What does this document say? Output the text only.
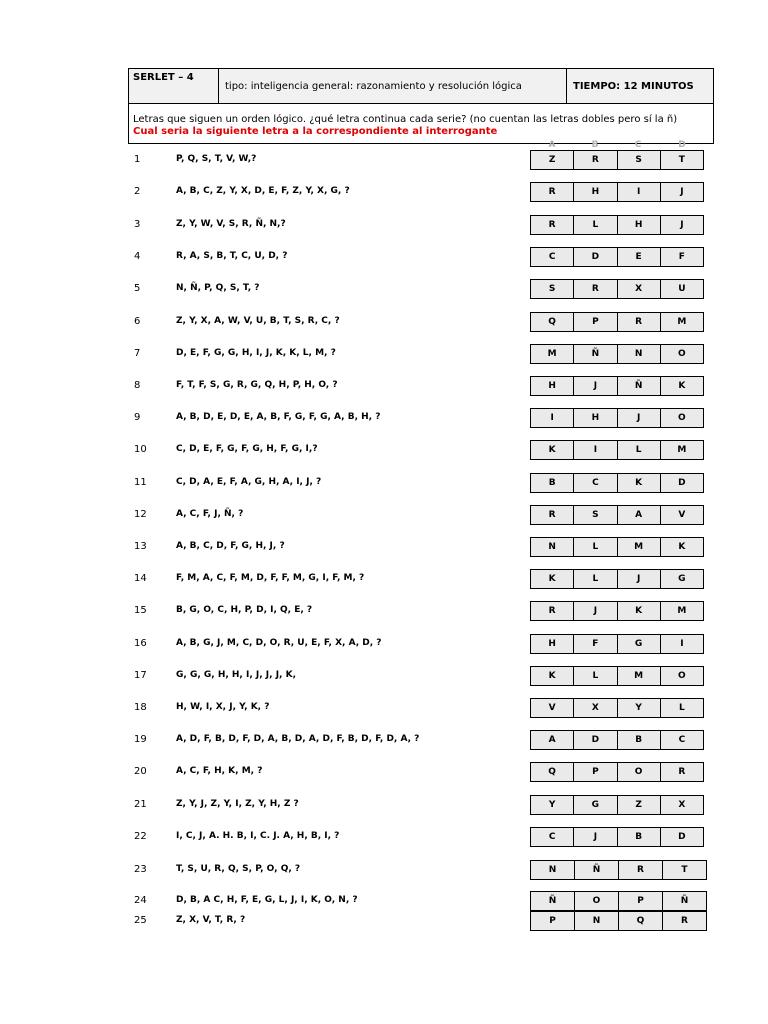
SERLET – 4
tipo: inteligencia general: razonamiento y resolución lógica	TIEMPO: 12 MINUTOS
Letras que siguen un orden lógico. ¿qué letra continua cada serie? (no cuentan las letras dobles pero sí la ñ)
Cual seria la siguiente letra a la correspondiente al interrogante
A	B	C	D
1	P, Q, S, T, V, W,?	Z	R	S	T
2	A, B, C, Z, Y, X, D, E, F, Z, Y, X, G, ?	R	H	I	J
3	Z, Y, W, V, S, R, Ñ, N,?	R	L	H	J
4	R, A, S, B, T, C, U, D, ?	C	D	E	F
5	N, Ñ, P, Q, S, T, ?	S	R	X	U
6	Z, Y, X, A, W, V, U, B, T, S, R, C, ?	Q	P	R	M
7	D, E, F, G, G, H, I, J, K, K, L, M, ?	M	Ñ	N	O
8	F, T, F, S, G, R, G, Q, H, P, H, O, ?	H	J	Ñ	K
9	A, B, D, E, D, E, A, B, F, G, F, G, A, B, H, ?	I	H	J	O
10	C, D, E, F, G, F, G, H, F, G, I,?	K	I	L	M
11	C, D, A, E, F, A, G, H, A, I, J, ?	B	C	K	D
12	A, C, F, J, Ñ, ?	R	S	A	V
13	A, B, C, D, F, G, H, J, ?	N	L	M	K
14	F, M, A, C, F, M, D, F, F, M, G, I, F, M, ?	K	L	J	G
15	B, G, O, C, H, P, D, I, Q, E, ?	R	J	K	M
16	A, B, G, J, M, C, D, O, R, U, E, F, X, A, D, ?	H	F	G	I
17	G, G, G, H, H, I, J, J, J, K,	K	L	M	O
18	H, W, I, X, J, Y, K, ?	V	X	Y	L
19	A, D, F, B, D, F, D, A, B, D, A, D, F, B, D, F, D, A, ?	A	D	B	C
20	A, C, F, H, K, M, ?	Q	P	O	R
21	Z, Y, J, Z, Y, I, Z, Y, H, Z ?	Y	G	Z	X
22	I, C, J, A. H. B, I, C. J. A, H, B, I, ?	C	J	B	D
23	T, S, U, R, Q, S, P, O, Q, ?	N	Ñ	R	T
24	D, B, A C, H, F, E, G, L, J, I, K, O, N, ?	Ñ	O	P	Ñ
25	Z, X, V, T, R, ?	P	N	Q	R
